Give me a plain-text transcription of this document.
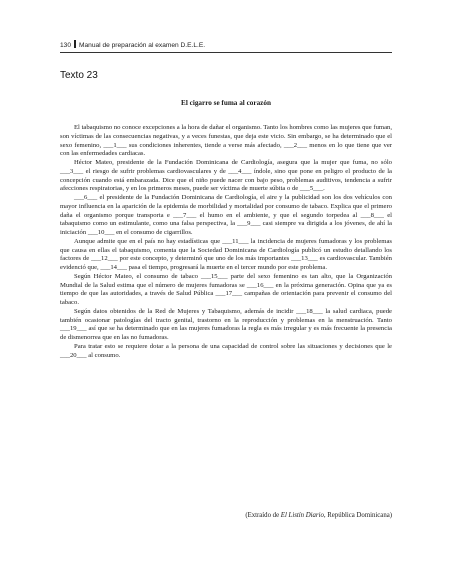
130 Manual de preparación al examen D.E.L.E.
Texto 23
El cigarro se fuma al corazón

El tabaquismo no conoce excepciones a la hora de dañar el organismo. Tanto los hombres como las mujeres que fuman, son víctimas de las consecuencias negativas, y a veces funestas, que deja este vicio. Sin embargo, se ha determinado que el sexo femenino, ___1___ sus condiciones inherentes, tiende a verse más afectado, ___2___ menos en lo que tiene que ver con las enfermedades cardiacas.

Héctor Mateo, presidente de la Fundación Dominicana de Cardiología, asegura que la mujer que fuma, no sólo ___3___ el riesgo de sufrir problemas cardiovasculares y de ___4___ índole, sino que pone en peligro el producto de la concepción cuando está embarazada. Dice que el niño puede nacer con bajo peso, problemas auditivos, tendencia a sufrir afecciones respiratorias, y en los primeros meses, puede ser víctima de muerte súbita o de ___5___.

___6___ el presidente de la Fundación Dominicana de Cardiología, el aire y la publicidad son los dos vehículos con mayor influencia en la aparición de la epidemia de morbilidad y mortalidad por consumo de tabaco. Explica que el primero daña el organismo porque transporta e ___7___ el humo en el ambiente, y que el segundo torpedea al ___8___ el tabaquismo como un estimulante, como una falsa perspectiva, la ___9___ casi siempre va dirigida a los jóvenes, de ahí la iniciación ___10___ en el consumo de cigarrillos.

Aunque admite que en el país no hay estadísticas que ___11___ la incidencia de mujeres fumadoras y los problemas que causa en ellas el tabaquismo, comenta que la Sociedad Dominicana de Cardiología publicó un estudio detallando los factores de ___12___ por este concepto, y determinó que uno de los más importantes ___13___ es cardiovascular. También evidenció que, ___14___ pasa el tiempo, progresará la muerte en el tercer mundo por este problema.

Según Héctor Mateo, el consumo de tabaco ___15___ parte del sexo femenino es tan alto, que la Organización Mundial de la Salud estima que el número de mujeres fumadoras se ___16___ en la próxima generación. Opina que ya es tiempo de que las autoridades, a través de Salud Pública ___17___ campañas de orientación para prevenir el consumo del tabaco.

Según datos obtenidos de la Red de Mujeres y Tabaquismo, además de incidir ___18___ la salud cardiaca, puede también ocasionar patologías del tracto genital, trastorno en la reproducción y problemas en la menstruación. Tanto ___19___ así que se ha determinado que en las mujeres fumadoras la regla es más irregular y es más frecuente la presencia de dismenorrea que en las no fumadoras.

Para tratar esto se requiere dotar a la persona de una capacidad de control sobre las situaciones y decisiones que le ___20___ al consumo.

(Extraído de El Listín Diario, República Dominicana)
